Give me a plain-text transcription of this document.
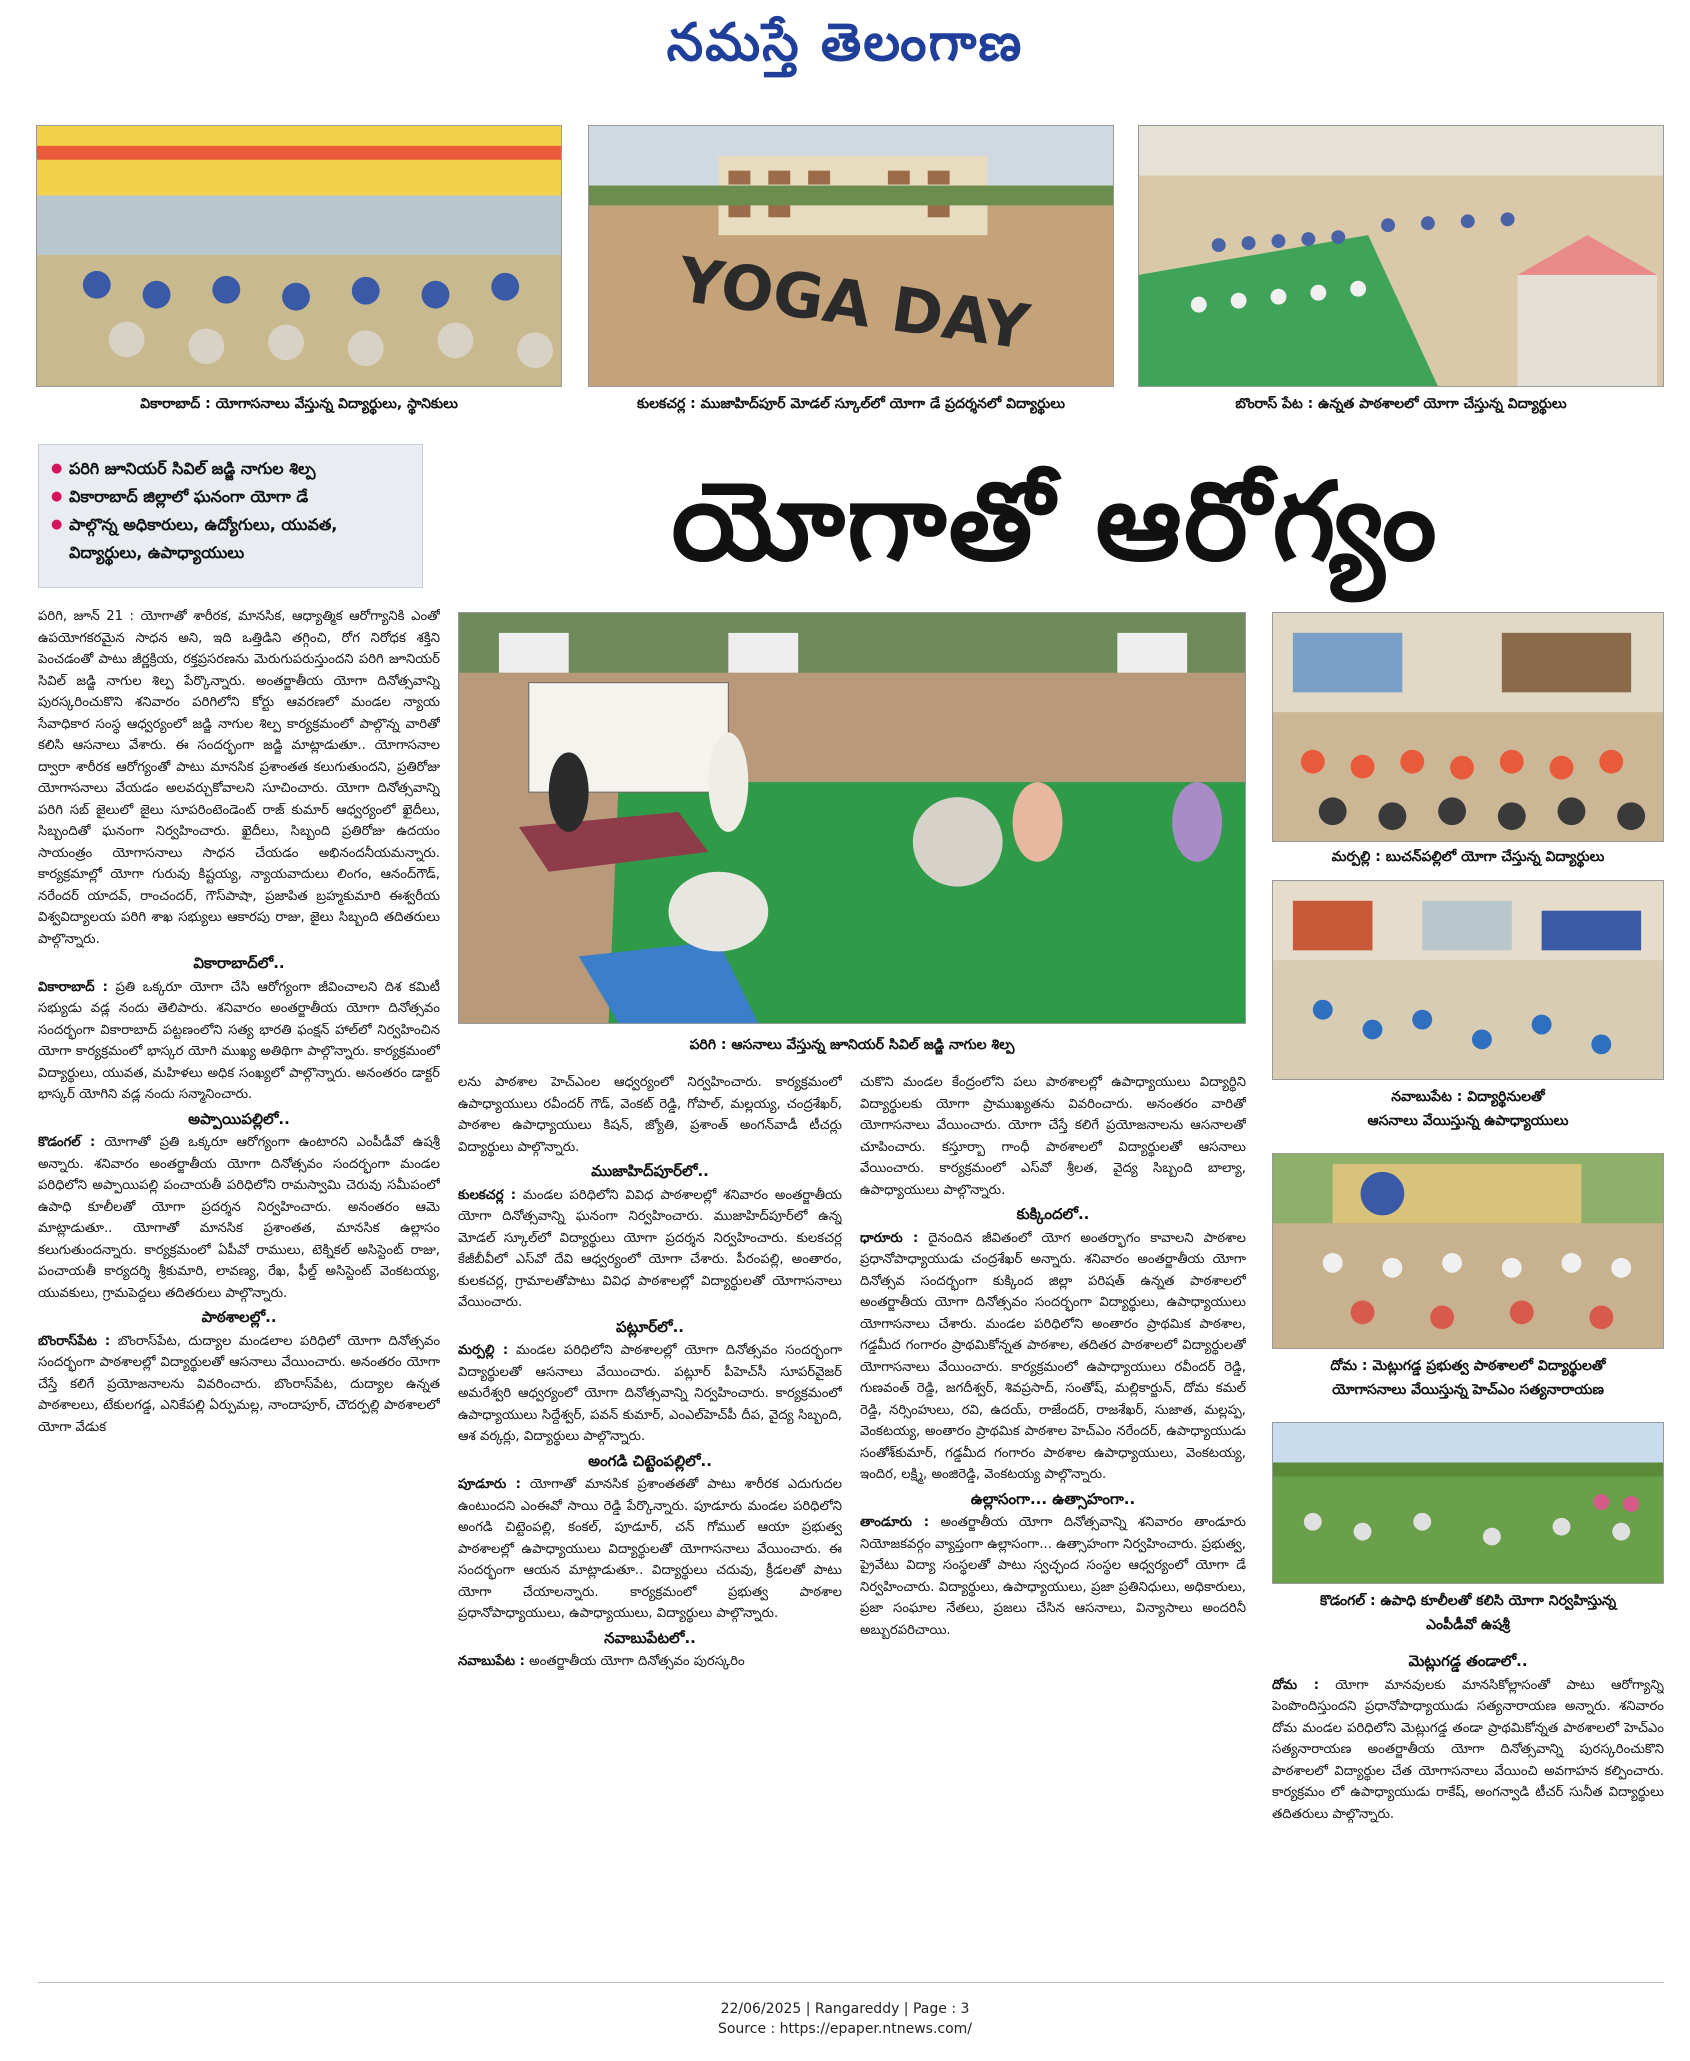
నమస్తే తెలంగాణ
వికారాబాద్ : యోగాసనాలు వేస్తున్న విద్యార్థులు, స్థానికులు
YOGA DAY
కులకచర్ల : ముజాహిద్‌పూర్ మోడల్ స్కూల్‌లో యోగా డే ప్రదర్శనలో విద్యార్థులు	బొంరాస్ పేట : ఉన్నత పాఠశాలలో యోగా చేస్తున్న విద్యార్థులు
● పరిగి జూనియర్ సివిల్ జడ్జి నాగుల శిల్ప
● వికారాబాద్ జిల్లాలో ఘనంగా యోగా డే
● పాల్గొన్న అధికారులు, ఉద్యోగులు, యువత, విద్యార్థులు, ఉపాధ్యాయులు	యోగాతో ఆరోగ్యం
పరిగి : ఆసనాలు వేస్తున్న జూనియర్ సివిల్ జడ్జి నాగుల శిల్ప
మర్పల్లి : బుచన్‌పల్లిలో యోగా చేస్తున్న విద్యార్థులు
నవాబుపేట : విద్యార్థినులతో
ఆసనాలు వేయిస్తున్న ఉపాధ్యాయులు
దోమ : మెట్లుగడ్డ ప్రభుత్వ పాఠశాలలో విద్యార్థులతో
యోగాసనాలు వేయిస్తున్న హెచ్‌ఎం సత్యనారాయణ
కొడంగల్ : ఉపాధి కూలీలతో కలిసి యోగా నిర్వహిస్తున్న
ఎంపీడీవో ఉషశ్రీ

పరిగి, జూన్ 21 : యోగాతో శారీరక, మానసిక, ఆధ్యాత్మిక ఆరోగ్యానికి ఎంతో ఉపయోగకరమైన సాధన అని, ఇది ఒత్తిడిని తగ్గించి, రోగ నిరోధక శక్తిని పెంచడంతో పాటు జీర్ణక్రియ, రక్తప్రసరణను మెరుగుపరుస్తుందని పరిగి జూనియర్ సివిల్ జడ్జి నాగుల శిల్ప పేర్కొన్నారు. అంతర్జాతీయ యోగా దినోత్సవాన్ని పురస్కరించుకొని శనివారం పరిగిలోని కోర్టు ఆవరణలో మండల న్యాయ సేవాధికార సంస్థ ఆధ్వర్యంలో జడ్జి నాగుల శిల్ప కార్యక్రమంలో పాల్గొన్న వారితో కలిసి ఆసనాలు వేశారు. ఈ సందర్భంగా జడ్జి మాట్లాడుతూ.. యోగాసనాల ద్వారా శారీరక ఆరోగ్యంతో పాటు మానసిక ప్రశాంతత కలుగుతుందని, ప్రతిరోజు యోగాసనాలు వేయడం అలవర్చుకోవాలని సూచించారు. యోగా దినోత్సవాన్ని పరిగి సబ్ జైలులో జైలు సూపరింటెండెంట్ రాజ్ కుమార్ ఆధ్వర్యంలో ఖైదీలు, సిబ్బందితో ఘనంగా నిర్వహించారు. ఖైదీలు, సిబ్బంది ప్రతిరోజు ఉదయం సాయంత్రం యోగాసనాలు సాధన చేయడం అభినందనీయమన్నారు. కార్యక్రమాల్లో యోగా గురువు కిష్టయ్య, న్యాయవాదులు లింగం, ఆనంద్‌గౌడ్, నరేందర్ యాదవ్, రాంచందర్, గౌస్‌పాషా, ప్రజాపిత బ్రహ్మకుమారి ఈశ్వరీయ విశ్వవిద్యాలయ పరిగి శాఖ సభ్యులు ఆకారపు రాజు, జైలు సిబ్బంది తదితరులు పాల్గొన్నారు.

వికారాబాద్‌లో..

వికారాబాద్ : ప్రతి ఒక్కరూ యోగా చేసి ఆరోగ్యంగా జీవించాలని దిశ కమిటీ సభ్యుడు వడ్ల నందు తెలిపారు. శనివారం అంతర్జాతీయ యోగా దినోత్సవం సందర్భంగా వికారాబాద్ పట్టణంలోని సత్య భారతి ఫంక్షన్ హాల్‌లో నిర్వహించిన యోగా కార్యక్రమంలో భాస్కర యోగి ముఖ్య అతిథిగా పాల్గొన్నారు. కార్యక్రమంలో విద్యార్థులు, యువత, మహిళలు అధిక సంఖ్యలో పాల్గొన్నారు. అనంతరం డాక్టర్ భాస్కర్ యోగిని వడ్ల నందు సన్మానించారు.

అప్పాయిపల్లిలో..

కొడంగల్ : యోగాతో ప్రతి ఒక్కరూ ఆరోగ్యంగా ఉంటారని ఎంపీడీవో ఉషశ్రీ అన్నారు. శనివారం అంతర్జాతీయ యోగా దినోత్సవం సందర్భంగా మండల పరిధిలోని అప్పాయిపల్లి పంచాయతీ పరిధిలోని రామస్వామి చెరువు సమీపంలో ఉపాధి కూలీలతో యోగా ప్రదర్శన నిర్వహించారు. అనంతరం ఆమె మాట్లాడుతూ.. యోగాతో మానసిక ప్రశాంతత, మానసిక ఉల్లాసం కలుగుతుందన్నారు. కార్యక్రమంలో ఏపీవో రాములు, టెక్నికల్ అసిస్టెంట్ రాజు, పంచాయతీ కార్యదర్శి శ్రీకుమారి, లావణ్య, రేఖ, ఫీల్డ్ అసిస్టెంట్ వెంకటయ్య, యువకులు, గ్రామపెద్దలు తదితరులు పాల్గొన్నారు.

పాఠశాలల్లో..

బొంరాస్‌పేట : బొంరాస్‌పేట, దుద్యాల మండలాల పరిధిలో యోగా దినోత్సవం సందర్భంగా పాఠశాలల్లో విద్యార్థులతో ఆసనాలు వేయించారు. అనంతరం యోగా చేస్తే కలిగే ప్రయోజనాలను వివరించారు. బొంరాస్‌పేట, దుద్యాల ఉన్నత పాఠశాలలు, టేకులగడ్డ, ఎనికేపల్లి ఏర్పుమల్ల, నాందాపూర్, చౌదర్పల్లి పాఠశాలలో యోగా వేడుక

లను పాఠశాల హెచ్‌ఎంల ఆధ్వర్యంలో నిర్వహించారు. కార్యక్రమంలో ఉపాధ్యాయులు రవీందర్ గౌడ్, వెంకట్ రెడ్డి, గోపాల్, మల్లయ్య, చంద్రశేఖర్, పాఠశాల ఉపాధ్యాయులు కిషన్, జ్యోతి, ప్రశాంత్ అంగన్‌వాడీ టీచర్లు విద్యార్థులు పాల్గొన్నారు.

ముజాహిద్‌పూర్‌లో..

కులకచర్ల : మండల పరిధిలోని వివిధ పాఠశాలల్లో శనివారం అంతర్జాతీయ యోగా దినోత్సవాన్ని ఘనంగా నిర్వహించారు. ముజాహిద్‌పూర్‌లో ఉన్న మోడల్ స్కూల్‌లో విద్యార్థులు యోగా ప్రదర్శన నిర్వహించారు. కులకచర్ల కేజీబీవీలో ఎస్‌వో దేవి ఆధ్వర్యంలో యోగా చేశారు. పీరంపల్లి, అంతారం, కులకచర్ల, గ్రామాలతోపాటు వివిధ పాఠశాలల్లో విద్యార్థులతో యోగాసనాలు వేయించారు.

పట్లూర్‌లో..

మర్పల్లి : మండల పరిధిలోని పాఠశాలల్లో యోగా దినోత్సవం సందర్భంగా విద్యార్థులతో ఆసనాలు వేయించారు. పట్లూర్ పీహెచ్‌సీ సూపర్‌వైజర్ అమరేశ్వరి ఆధ్వర్యంలో యోగా దినోత్సవాన్ని నిర్వహించారు. కార్యక్రమంలో ఉపాధ్యాయులు సిద్దేశ్వర్, పవన్ కుమార్, ఎంఎల్‌హెచ్‌పీ దీప, వైద్య సిబ్బంది, ఆశ వర్కర్లు, విద్యార్థులు పాల్గొన్నారు.

అంగడి చిట్టెంపల్లిలో..

పూడూరు : యోగాతో మానసిక ప్రశాంతతతో పాటు శారీరక ఎదుగుదల ఉంటుందని ఎంఈవో సాయి రెడ్డి పేర్కొన్నారు. పూడూరు మండల పరిధిలోని అంగడి చిట్టెంపల్లి, కంకల్, పూడూర్, చన్ గోముల్ ఆయా ప్రభుత్వ పాఠశాలల్లో ఉపాధ్యాయులు విద్యార్థులతో యోగాసనాలు వేయించారు. ఈ సందర్భంగా ఆయన మాట్లాడుతూ.. విద్యార్థులు చదువు, క్రీడలతో పాటు యోగా చేయాలన్నారు. కార్యక్రమంలో ప్రభుత్వ పాఠశాల ప్రధానోపాధ్యాయులు, ఉపాధ్యాయులు, విద్యార్థులు పాల్గొన్నారు.

నవాబుపేటలో..

నవాబుపేట : అంతర్జాతీయ యోగా దినోత్సవం పురస్కరిం

చుకొని మండల కేంద్రంలోని పలు పాఠశాలల్లో ఉపాధ్యాయులు విద్యార్థిని విద్యార్థులకు యోగా ప్రాముఖ్యతను వివరించారు. అనంతరం వారితో యోగాసనాలు వేయించారు. యోగా చేస్తే కలిగే ప్రయోజనాలను ఆసనాలతో చూపించారు. కస్తూర్బా గాంధీ పాఠశాలలో విద్యార్థులతో ఆసనాలు వేయించారు. కార్యక్రమంలో ఎస్‌వో శ్రీలత, వైద్య సిబ్బంది బాల్యా, ఉపాధ్యాయులు పాల్గొన్నారు.

కుక్కిందలో..

ధారూరు : దైనందిన జీవితంలో యోగ అంతర్భాగం కావాలని పాఠశాల ప్రధానోపాధ్యాయుడు చంద్రశేఖర్ అన్నారు. శనివారం అంతర్జాతీయ యోగా దినోత్సవ సందర్భంగా కుక్కింద జిల్లా పరిషత్ ఉన్నత పాఠశాలలో అంతర్జాతీయ యోగా దినోత్సవం సందర్భంగా విద్యార్థులు, ఉపాధ్యాయులు యోగాసనాలు చేశారు. మండల పరిధిలోని అంతారం ప్రాథమిక పాఠశాల, గడ్డమీద గంగారం ప్రాథమికోన్నత పాఠశాల, తదితర పాఠశాలలో విద్యార్థులతో యోగాసనాలు వేయించారు. కార్యక్రమంలో ఉపాధ్యాయులు రవీందర్ రెడ్డి, గుణవంత్ రెడ్డి, జగదీశ్వర్, శివప్రసాద్, సంతోష్, మల్లికార్జున్, దోమ కమల్ రెడ్డి, నర్సింహులు, రవి, ఉదయ్, రాజేందర్, రాజశేఖర్, సుజాత, మల్లప్ప, వెంకటయ్య, అంతారం ప్రాథమిక పాఠశాల హెచ్‌ఎం నరేందర్, ఉపాధ్యాయుడు సంతోశ్‌కుమార్, గడ్డమీద గంగారం పాఠశాల ఉపాధ్యాయులు, వెంకటయ్య, ఇందిర, లక్ష్మి, అంజిరెడ్డి, వెంకటయ్య పాల్గొన్నారు.

ఉల్లాసంగా... ఉత్సాహంగా..

తాండూరు : అంతర్జాతీయ యోగా దినోత్సవాన్ని శనివారం తాండూరు నియోజకవర్గం వ్యాప్తంగా ఉల్లాసంగా... ఉత్సాహంగా నిర్వహించారు. ప్రభుత్వ, ప్రైవేటు విద్యా సంస్థలతో పాటు స్వచ్ఛంద సంస్థల ఆధ్వర్యంలో యోగా డే నిర్వహించారు. విద్యార్థులు, ఉపాధ్యాయులు, ప్రజా ప్రతినిధులు, అధికారులు, ప్రజా సంఘాల నేతలు, ప్రజలు చేసిన ఆసనాలు, విన్యాసాలు అందరినీ అబ్బురపరిచాయి.

మెట్లుగడ్డ తండాలో..

దోమ : యోగా మానవులకు మానసికోల్లాసంతో పాటు ఆరోగ్యాన్ని పెంపొందిస్తుందని ప్రధానోపాధ్యాయుడు సత్యనారాయణ అన్నారు. శనివారం దోమ మండల పరిధిలోని మెట్లుగడ్డ తండా ప్రాథమికోన్నత పాఠశాలలో హెచ్‌ఎం సత్యనారాయణ అంతర్జాతీయ యోగా దినోత్సవాన్ని పురస్కరించుకొని పాఠశాలలో విద్యార్థుల చేత యోగాసనాలు వేయించి అవగాహన కల్పించారు. కార్యక్రమం లో ఉపాధ్యాయుడు రాకేష్, అంగన్వాడి టీచర్ సునీత విద్యార్థులు తదితరులు పాల్గొన్నారు.

22/06/2025 | Rangareddy | Page : 3
Source : https://epaper.ntnews.com/
